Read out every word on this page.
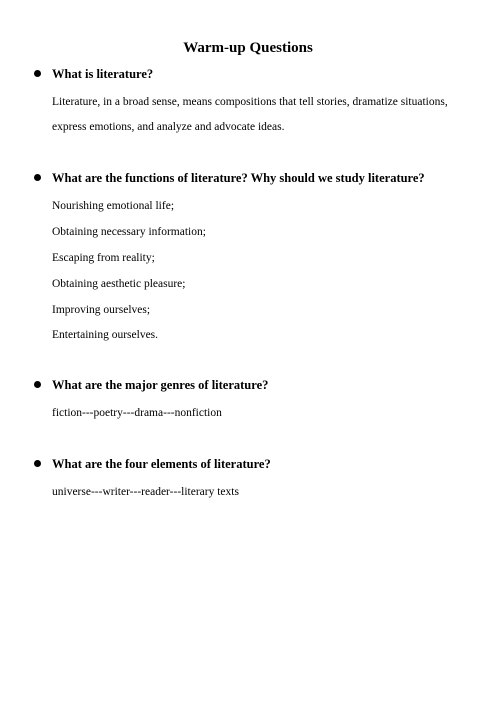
Warm-up Questions
What is literature?
Literature, in a broad sense, means compositions that tell stories, dramatize situations,
express emotions, and analyze and advocate ideas.
What are the functions of literature? Why should we study literature?
Nourishing emotional life;
Obtaining necessary information;
Escaping from reality;
Obtaining aesthetic pleasure;
Improving ourselves;
Entertaining ourselves.
What are the major genres of literature?
fiction---poetry---drama---nonfiction
What are the four elements of literature?
universe---writer---reader---literary texts
